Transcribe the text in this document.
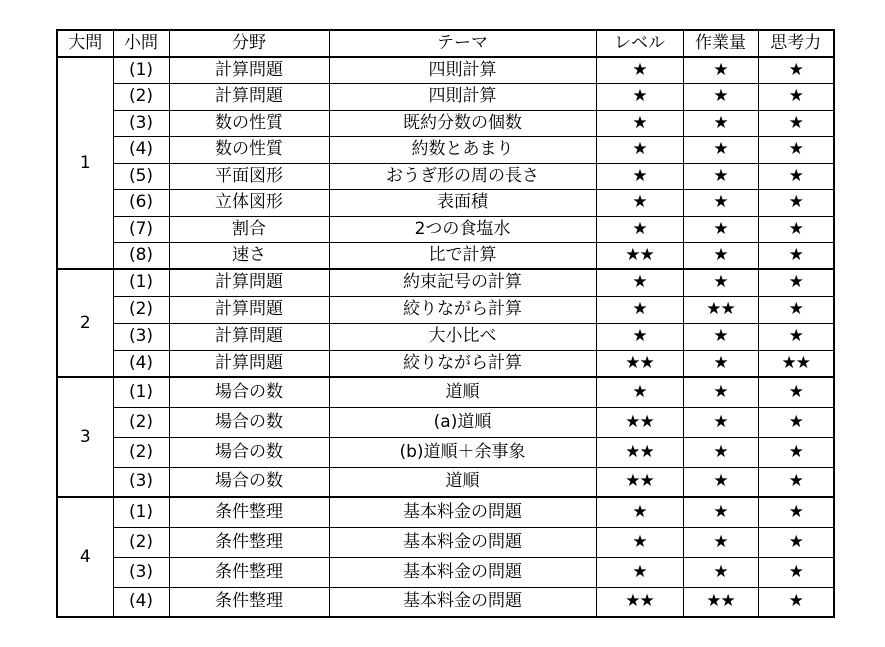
大問	小問	分野	テーマ	レベル	作業量	思考力
1	(1)	計算問題	四則計算	★	★	★
	(2)	計算問題	四則計算	★	★	★
	(3)	数の性質	既約分数の個数	★	★	★
	(4)	数の性質	約数とあまり	★	★	★
	(5)	平面図形	おうぎ形の周の長さ	★	★	★
	(6)	立体図形	表面積	★	★	★
	(7)	割合	2つの食塩水	★	★	★
	(8)	速さ	比で計算	★★	★	★
2	(1)	計算問題	約束記号の計算	★	★	★
	(2)	計算問題	絞りながら計算	★	★★	★
	(3)	計算問題	大小比べ	★	★	★
	(4)	計算問題	絞りながら計算	★★	★	★★
3	(1)	場合の数	道順	★	★	★
	(2)	場合の数	(a)道順	★★	★	★
	(2)	場合の数	(b)道順＋余事象	★★	★	★
	(3)	場合の数	道順	★★	★	★
4	(1)	条件整理	基本料金の問題	★	★	★
	(2)	条件整理	基本料金の問題	★	★	★
	(3)	条件整理	基本料金の問題	★	★	★
	(4)	条件整理	基本料金の問題	★★	★★	★
